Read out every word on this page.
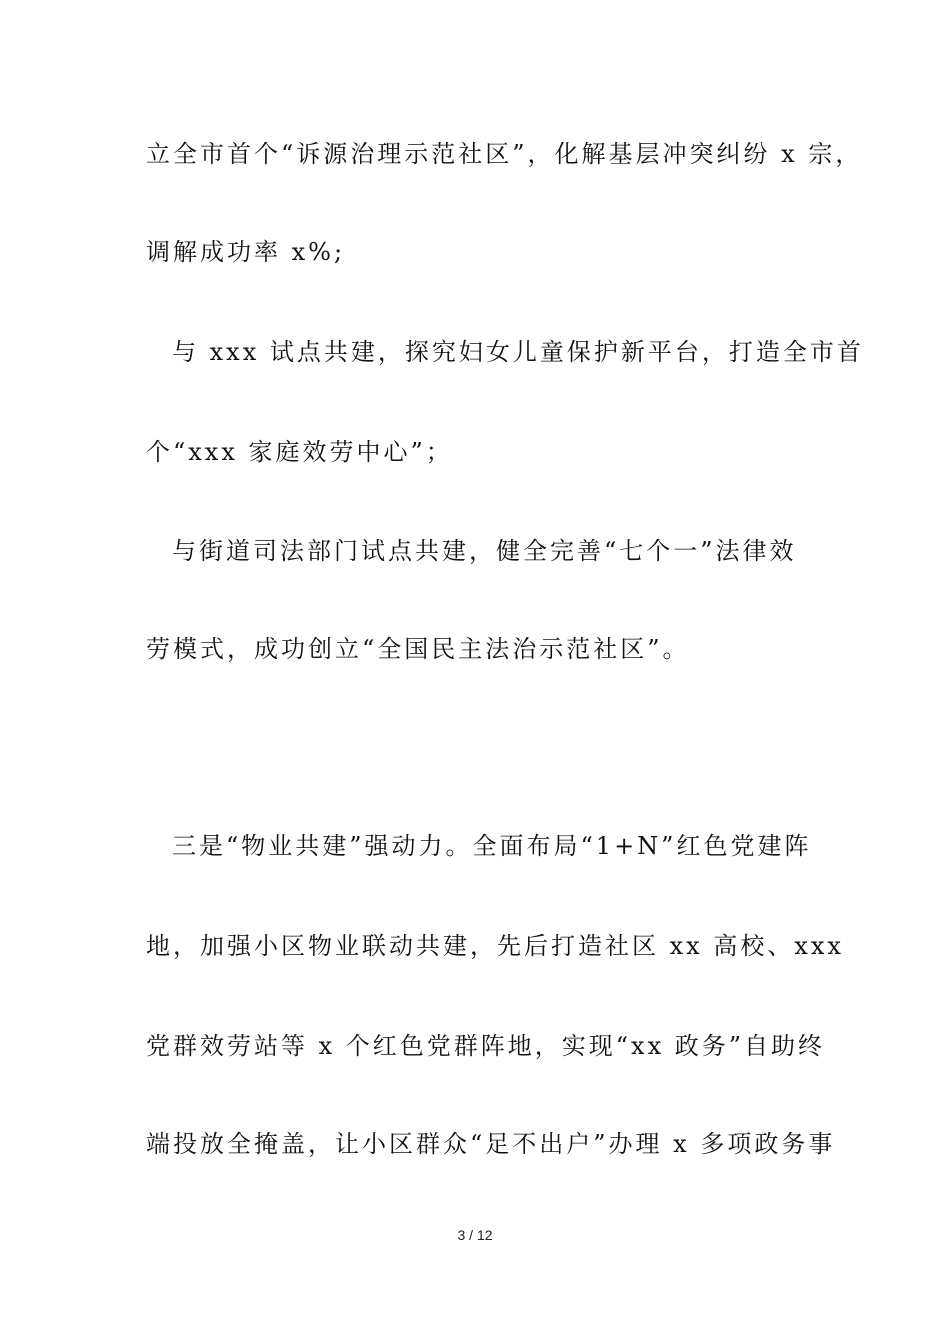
立全市首个“诉源治理示范社区”，化解基层冲突纠纷 x 宗，
调解成功率 x%;
与 xxx 试点共建，探究妇女儿童保护新平台，打造全市首
个“xxx 家庭效劳中心”；
与街道司法部门试点共建，健全完善“七个一”法律效
劳模式，成功创立“全国民主法治示范社区”。
三是“物业共建”强动力。全面布局“1+N”红色党建阵
地，加强小区物业联动共建，先后打造社区 xx 高校、xxx
党群效劳站等 x 个红色党群阵地，实现“xx 政务”自助终
端投放全掩盖，让小区群众“足不出户”办理 x 多项政务事
3 / 12
